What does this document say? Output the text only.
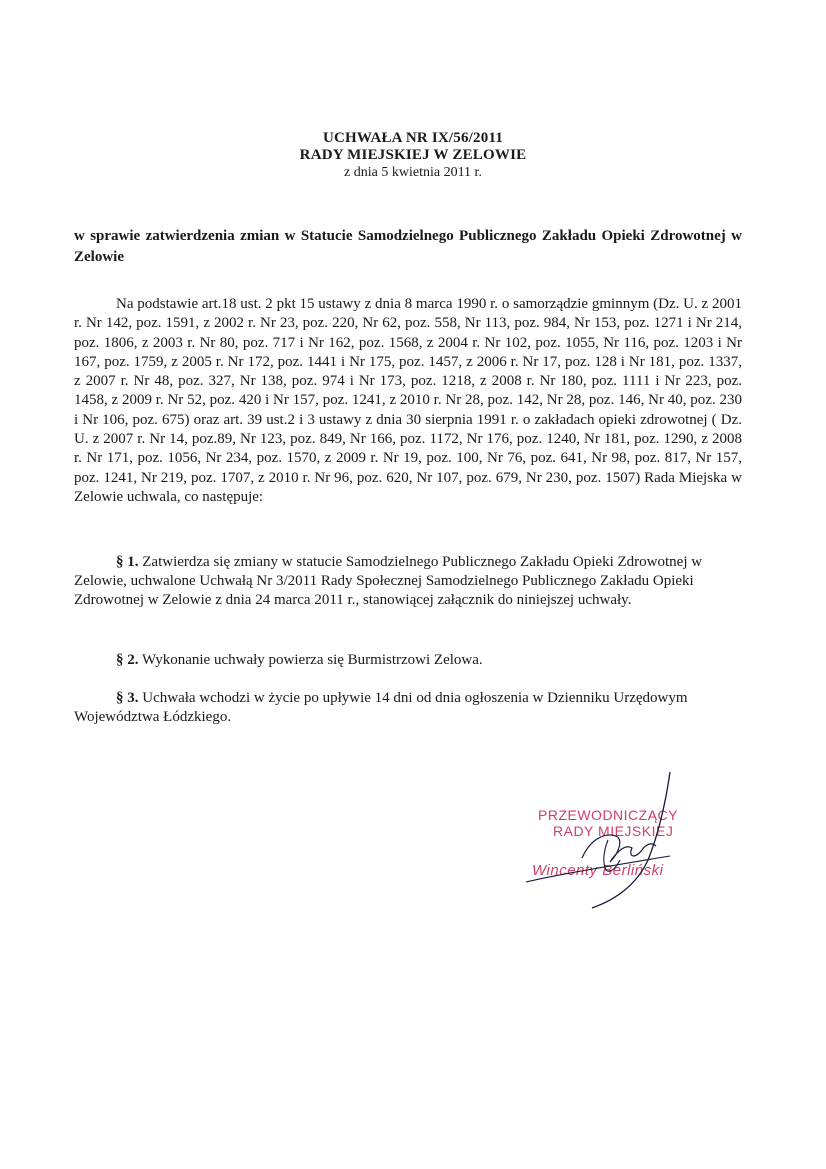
UCHWAŁA NR IX/56/2011
RADY MIEJSKIEJ W ZELOWIE
z dnia 5 kwietnia 2011 r.
w sprawie zatwierdzenia zmian w Statucie Samodzielnego Publicznego Zakładu Opieki Zdrowotnej w Zelowie
Na podstawie art.18 ust. 2 pkt 15 ustawy z dnia 8 marca 1990 r. o samorządzie gminnym (Dz. U. z 2001 r. Nr 142, poz. 1591, z 2002 r. Nr 23, poz. 220, Nr 62, poz. 558, Nr 113, poz. 984, Nr 153, poz. 1271 i Nr 214, poz. 1806, z 2003 r. Nr 80, poz. 717 i Nr 162, poz. 1568, z 2004 r. Nr 102, poz. 1055, Nr 116, poz. 1203 i Nr 167, poz. 1759, z 2005 r. Nr 172, poz. 1441 i Nr 175, poz. 1457, z 2006 r. Nr 17, poz. 128 i Nr 181, poz. 1337, z 2007 r. Nr 48, poz. 327, Nr 138, poz. 974 i Nr 173, poz. 1218, z 2008 r. Nr 180, poz. 1111 i Nr 223, poz. 1458, z 2009 r. Nr 52, poz. 420 i Nr 157, poz. 1241, z 2010 r. Nr 28, poz. 142, Nr 28, poz. 146, Nr 40, poz. 230 i Nr 106, poz. 675) oraz art. 39 ust.2 i 3 ustawy z dnia 30 sierpnia 1991 r. o zakładach opieki zdrowotnej ( Dz. U. z 2007 r. Nr 14, poz.89, Nr 123, poz. 849, Nr 166, poz. 1172, Nr 176, poz. 1240, Nr 181, poz. 1290, z 2008 r. Nr 171, poz. 1056, Nr 234, poz. 1570, z 2009 r. Nr 19, poz. 100, Nr 76, poz. 641, Nr 98, poz. 817, Nr 157, poz. 1241, Nr 219, poz. 1707, z 2010 r. Nr 96, poz. 620, Nr 107, poz. 679, Nr 230, poz. 1507) Rada Miejska w Zelowie uchwala, co następuje:
§ 1. Zatwierdza się zmiany w statucie Samodzielnego Publicznego Zakładu Opieki Zdrowotnej w Zelowie, uchwalone Uchwałą Nr 3/2011 Rady Społecznej Samodzielnego Publicznego Zakładu Opieki Zdrowotnej w Zelowie z dnia 24 marca 2011 r., stanowiącej załącznik do niniejszej uchwały.
§ 2. Wykonanie uchwały powierza się Burmistrzowi Zelowa.
§ 3. Uchwała wchodzi w życie po upływie 14 dni od dnia ogłoszenia w Dzienniku Urzędowym Województwa Łódzkiego.
PRZEWODNICZĄCY
RADY MIEJSKIEJ
Wincenty Berliński
